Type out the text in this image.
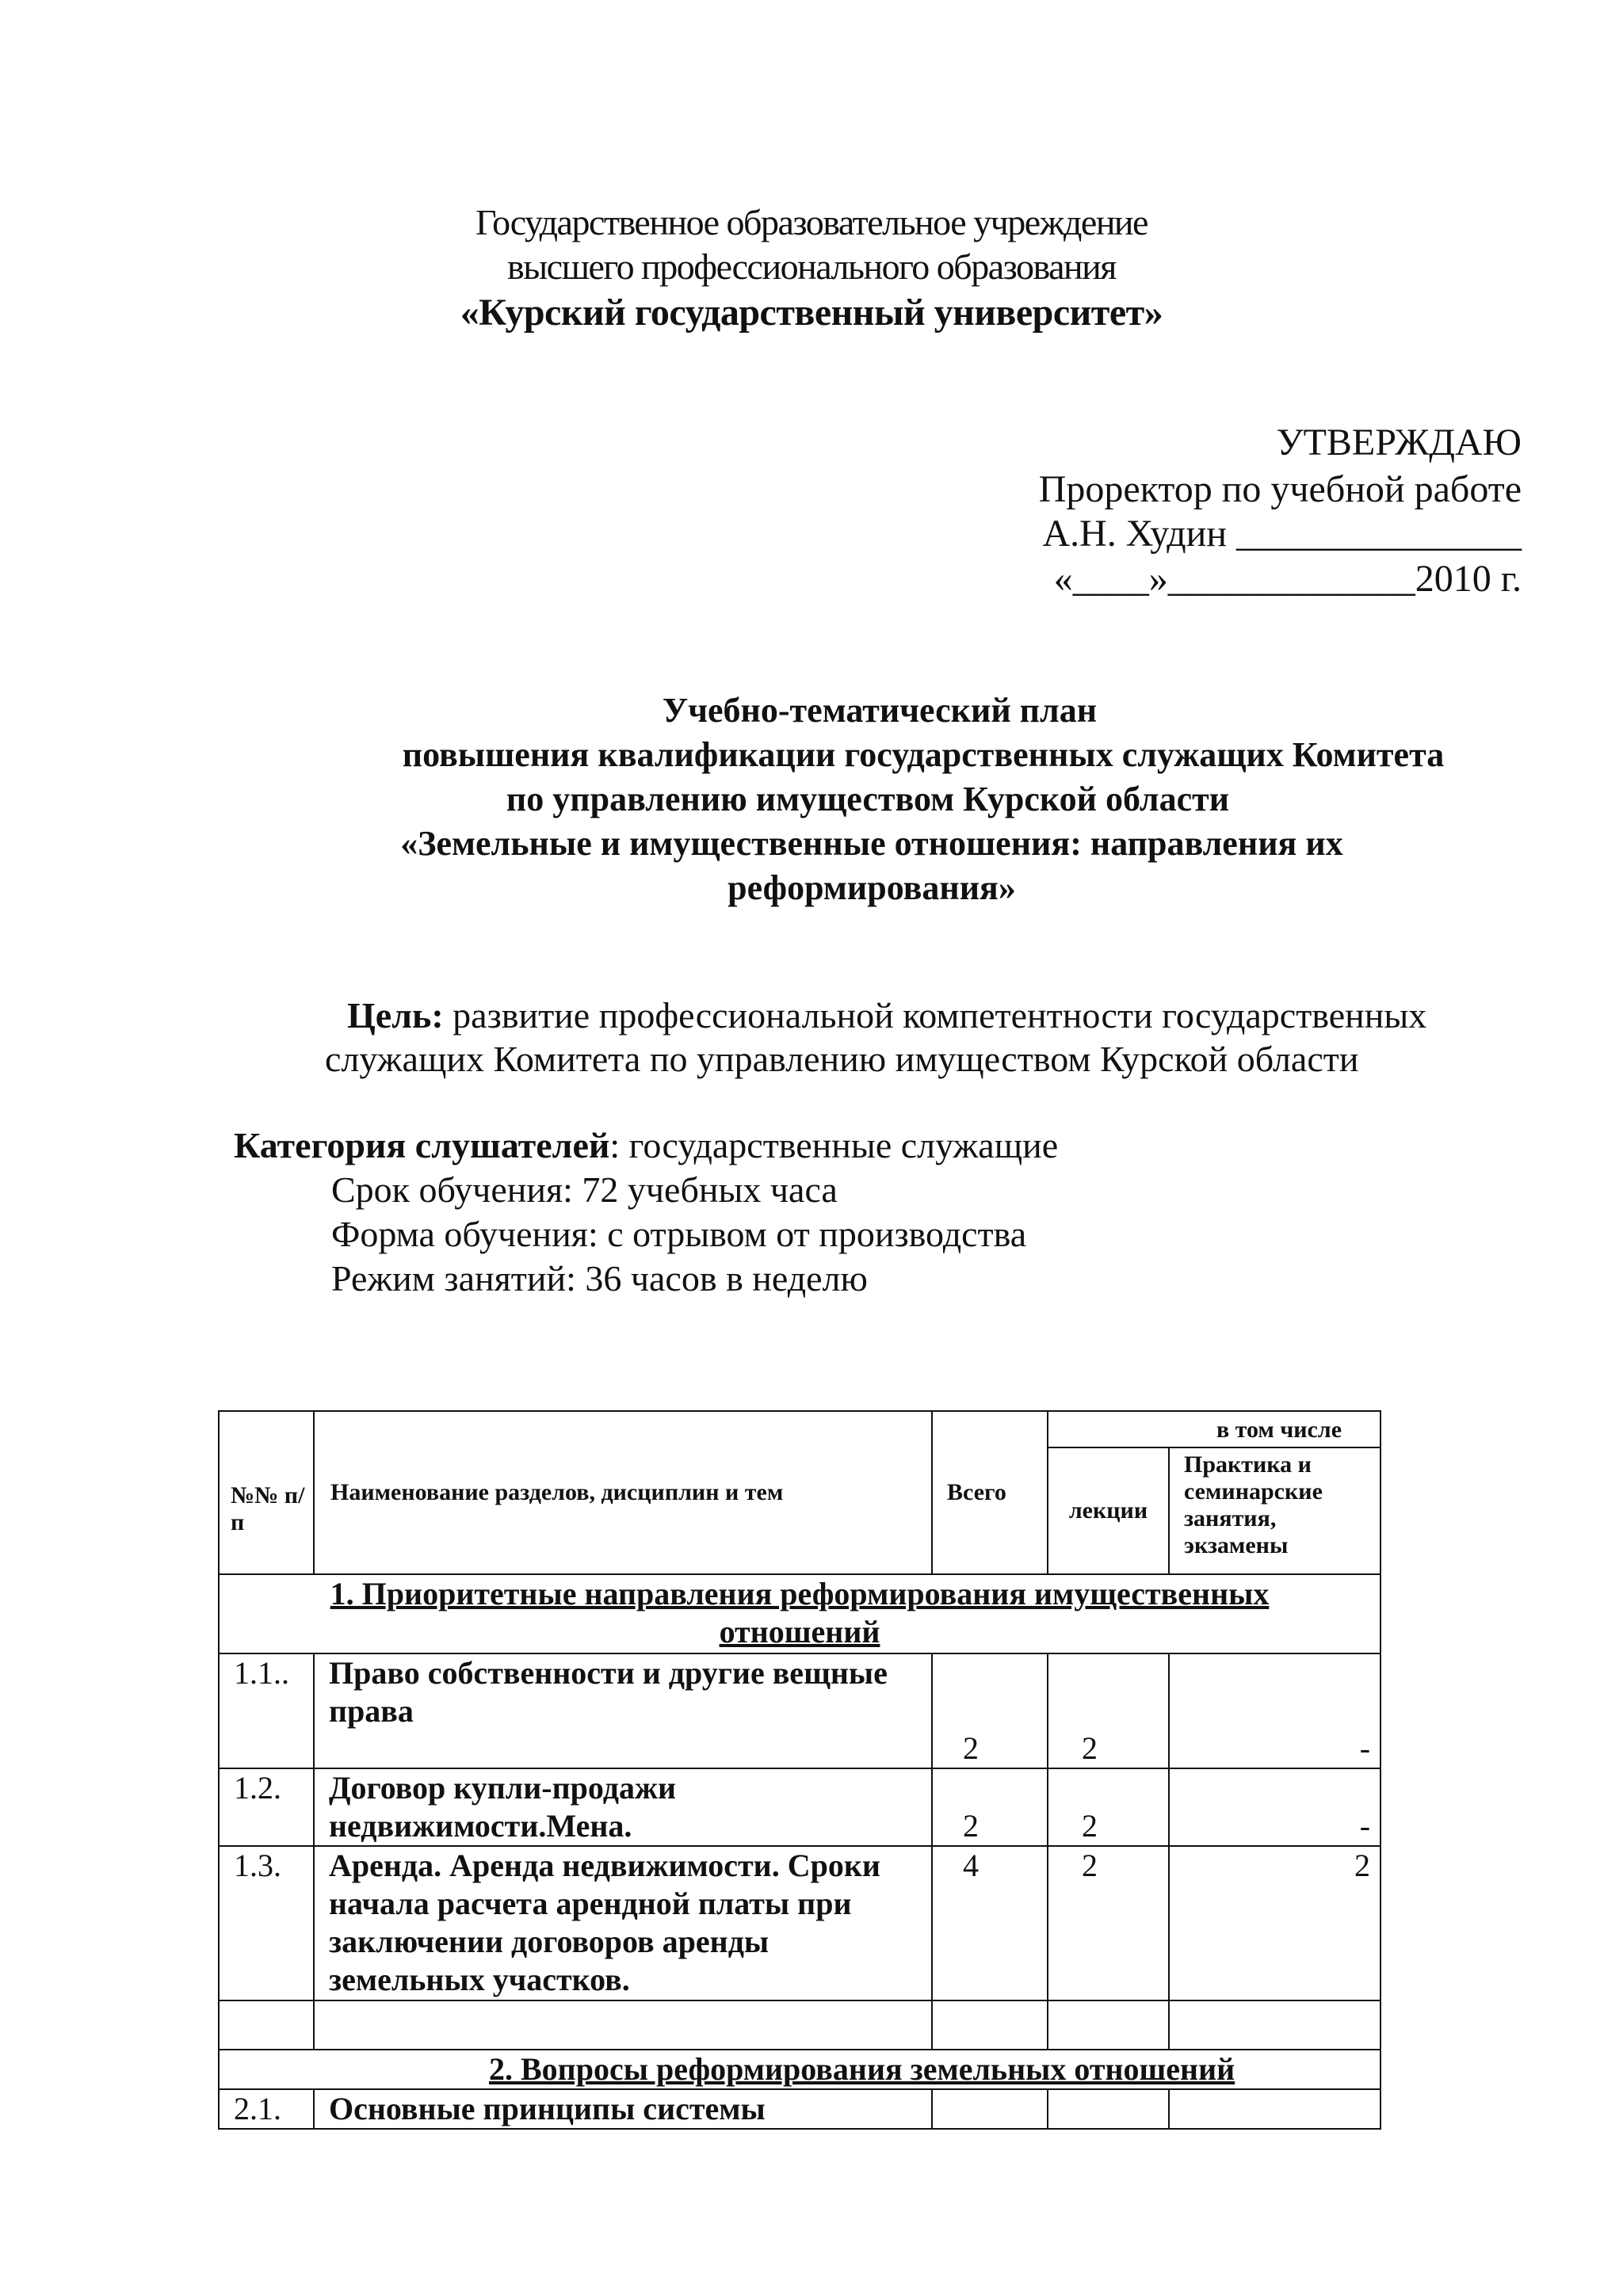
Государственное образовательное учреждение
высшего профессионального образования
«Курский государственный университет»
УТВЕРЖДАЮ
Проректор по учебной работе
А.Н. Худин _______________
«____»_____________2010 г.
Учебно-тематический план
повышения квалификации государственных служащих Комитета
по управлению имуществом Курской области
«Земельные и имущественные отношения: направления их
реформирования»
Цель: развитие профессиональной компетентности государственных
служащих Комитета по управлению имуществом Курской области
Категория слушателей: государственные служащие
Срок обучения: 72 учебных часа
Форма обучения: с отрывом от производства
Режим занятий: 36 часов в неделю
№№ п/п	Наименование разделов, дисциплин и тем	Всего	в том числе	
			лекции	Практика и семинарские занятия, экзамены
1. Приоритетные направления реформирования имущественных отношений				
1.1..	Право собственности и другие вещные права	2	2	-
1.2.	Договор купли-продажи недвижимости.Мена.	2	2	-
1.3.	Аренда. Аренда недвижимости. Сроки начала расчета арендной платы при заключении договоров аренды земельных участков.	4	2	2

2. Вопросы реформирования земельных отношений				
2.1.	Основные принципы системы			
